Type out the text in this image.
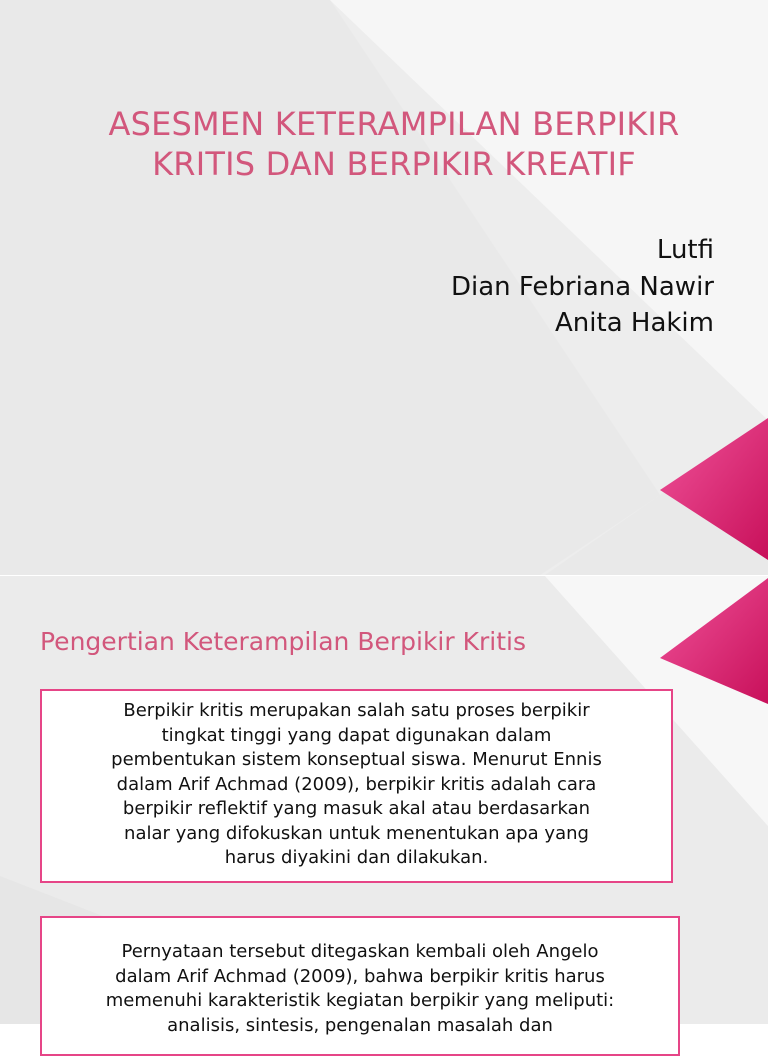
ASESMEN KETERAMPILAN BERPIKIR
KRITIS DAN BERPIKIR KREATIF
Lutfi
Dian Febriana Nawir
Anita Hakim
Pengertian Keterampilan Berpikir Kritis

Berpikir kritis merupakan salah satu proses berpikir

tingkat tinggi yang dapat digunakan dalam

pembentukan sistem konseptual siswa. Menurut Ennis

dalam Arif Achmad (2009), berpikir kritis adalah cara

berpikir reflektif yang masuk akal atau berdasarkan

nalar yang difokuskan untuk menentukan apa yang

harus diyakini dan dilakukan.

Pernyataan tersebut ditegaskan kembali oleh Angelo

dalam Arif Achmad (2009), bahwa berpikir kritis harus

memenuhi karakteristik kegiatan berpikir yang meliputi:

analisis, sintesis, pengenalan masalah dan
